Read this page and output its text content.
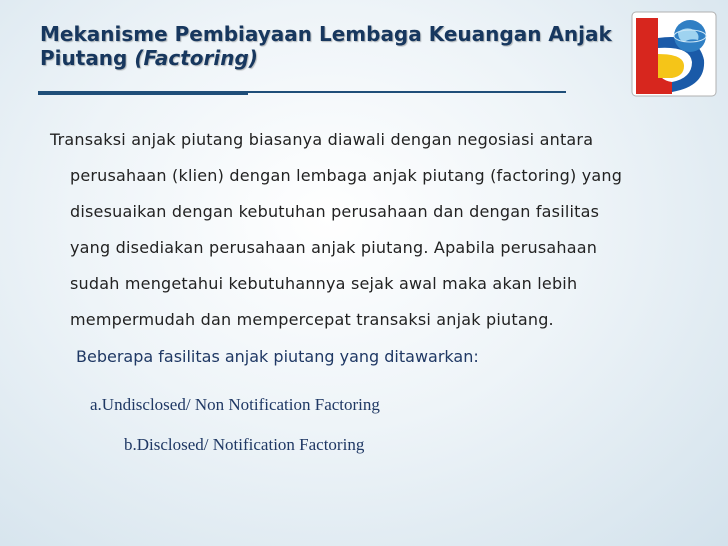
Mekanisme Pembiayaan Lembaga Keuangan Anjak
Piutang (Factoring)
Transaksi anjak piutang biasanya diawali dengan negosiasi antara
perusahaan (klien) dengan lembaga anjak piutang (factoring) yang
disesuaikan dengan kebutuhan perusahaan dan dengan fasilitas
yang disediakan perusahaan anjak piutang. Apabila perusahaan
sudah mengetahui kebutuhannya sejak awal maka akan lebih
mempermudah dan mempercepat transaksi anjak piutang.
Beberapa fasilitas anjak piutang yang ditawarkan:
a.Undisclosed/ Non Notification Factoring
b.Disclosed/ Notification Factoring
